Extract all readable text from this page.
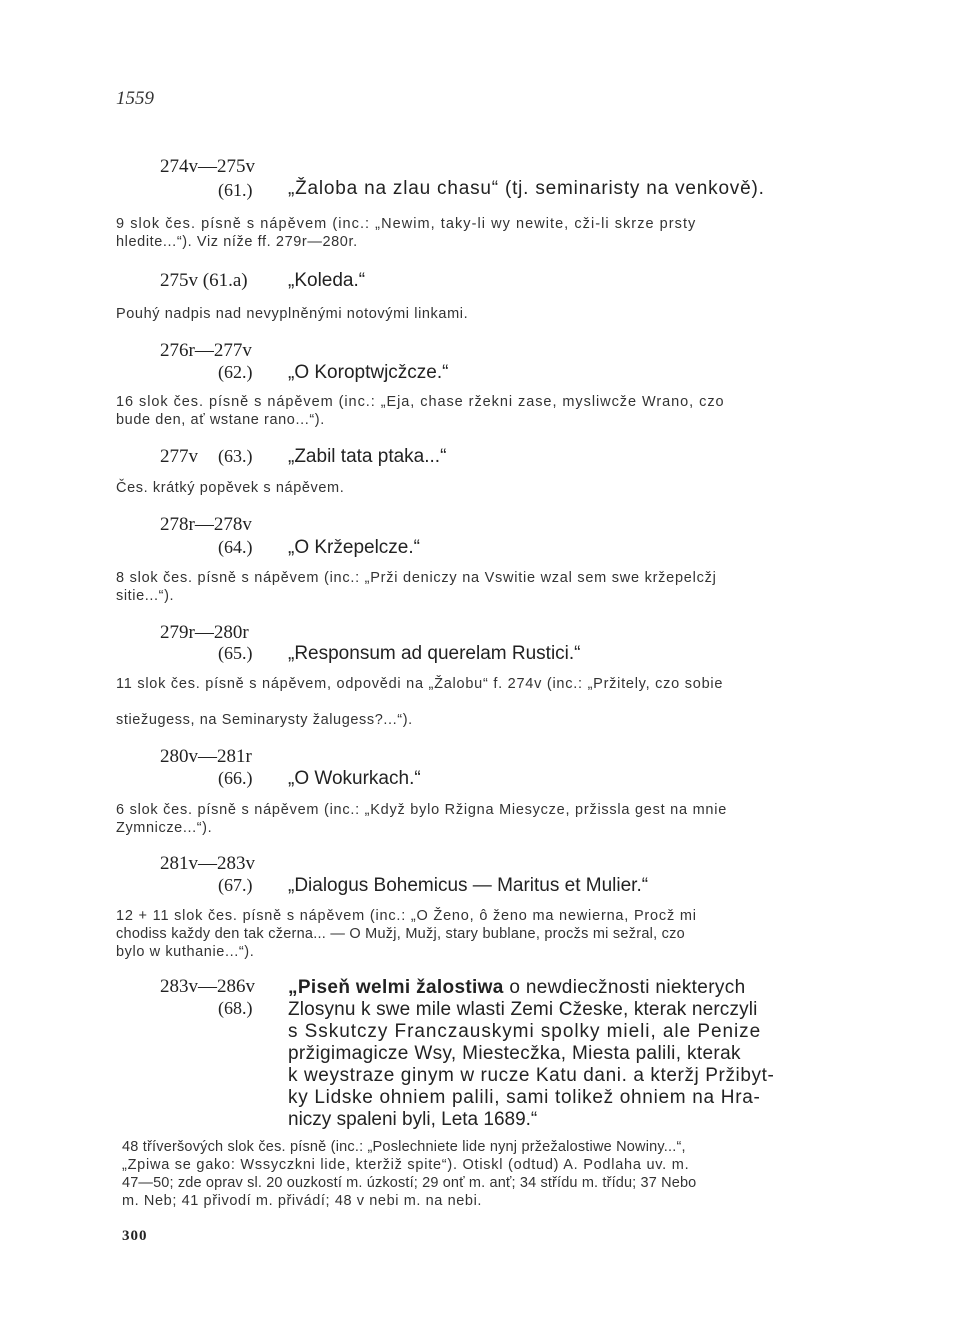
1559
274v—275v
(61.) „Žaloba na zlau chasu“ (tj. seminaristy na venkově).
9 slok čes. písně s nápěvem (inc.: „Newim, taky-li wy newite, cži-li skrze prsty
hledite...“). Viz níže ff. 279r—280r.
275v (61.a) „Koleda.“
Pouhý nadpis nad nevyplněnými notovými linkami.
276r—277v
(62.) „O Koroptwjcžcze.“
16 slok čes. písně s nápěvem (inc.: „Eja, chase ržekni zase, mysliwcže Wrano, czo
bude den, ať wstane rano...“).
277v (63.) „Zabil tata ptaka...“
Čes. krátký popěvek s nápěvem.
278r—278v
(64.) „O Kržepelcze.“
8 slok čes. písně s nápěvem (inc.: „Prži deniczy na Vswitie wzal sem swe kržepelcžj
sitie...“).
279r—280r
(65.) „Responsum ad querelam Rustici.“
11 slok čes. písně s nápěvem, odpovědi na „Žalobu“ f. 274v (inc.: „Pržitely, czo sobie
stiežugess, na Seminarysty žalugess?...“).
280v—281r
(66.) „O Wokurkach.“
6 slok čes. písně s nápěvem (inc.: „Když bylo Ržigna Miesycze, pržissla gest na mnie
Zymnicze...“).
281v—283v
(67.) „Dialogus Bohemicus — Maritus et Mulier.“
12 + 11 slok čes. písně s nápěvem (inc.: „O Ženo, ô ženo ma newierna, Procž mi
chodiss každy den tak cžerna... — O Mužj, Mužj, stary bublane, procžs mi sežral, czo
bylo w kuthanie...“).
283v—286v
(68.)
„Piseň welmi žalostiwa o newdiecžnosti niekterych
Zlosynu k swe mile wlasti Zemi Cžeske, kterak nerczyli
s Sskutczy Franczauskymi spolky mieli, ale Penize
pržigimagicze Wsy, Miestecžka, Miesta palili, kterak
k weystraze ginym w rucze Katu dani. a kteržj Pržibyt-
ky Lidske ohniem palili, sami tolikež ohniem na Hra-
niczy spaleni byli, Leta 1689.“
48 tříveršových slok čes. písně (inc.: „Poslechniete lide nynj pržežalostiwe Nowiny...“,
„Zpiwa se gako: Wssyczkni lide, kteržiž spite“). Otiskl (odtud) A. Podlaha uv. m.
47—50; zde oprav sl. 20 ouzkostí m. úzkostí; 29 onť m. anť; 34 střídu m. třídu; 37 Nebo
m. Neb; 41 přivodí m. přivádí; 48 v nebi m. na nebi.
300
